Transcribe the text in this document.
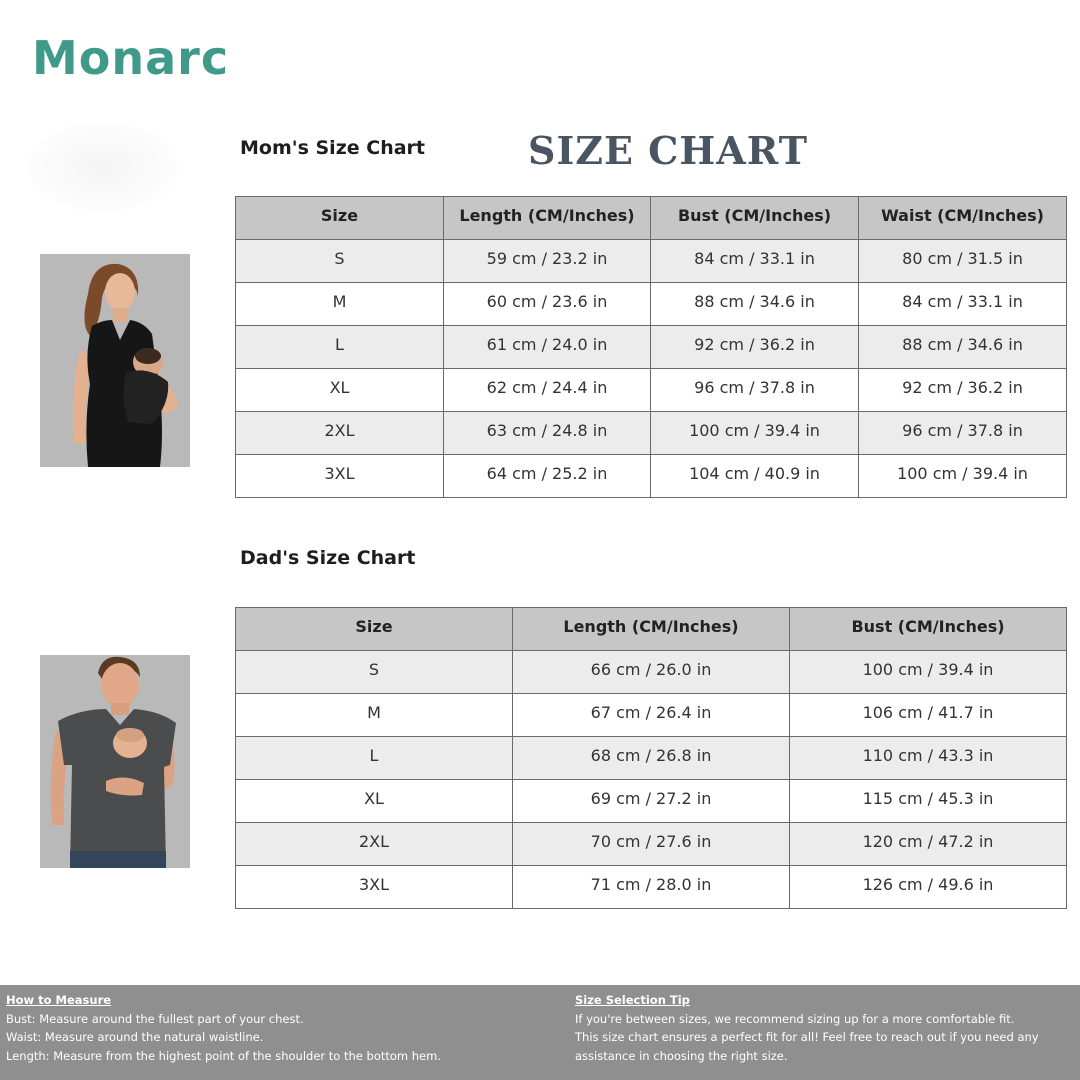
Monarc
Mom's Size Chart	SIZE CHART
Size	Length (CM/Inches)	Bust (CM/Inches)	Waist (CM/Inches)
S	59 cm / 23.2 in	84 cm / 33.1 in	80 cm / 31.5 in
M	60 cm / 23.6 in	88 cm / 34.6 in	84 cm / 33.1 in
L	61 cm / 24.0 in	92 cm / 36.2 in	88 cm / 34.6 in
XL	62 cm / 24.4 in	96 cm / 37.8 in	92 cm / 36.2 in
2XL	63 cm / 24.8 in	100 cm / 39.4 in	96 cm / 37.8 in
3XL	64 cm / 25.2 in	104 cm / 40.9 in	100 cm / 39.4 in
Dad's Size Chart
Size	Length (CM/Inches)	Bust (CM/Inches)
S	66 cm / 26.0 in	100 cm / 39.4 in
M	67 cm / 26.4 in	106 cm / 41.7 in
L	68 cm / 26.8 in	110 cm / 43.3 in
XL	69 cm / 27.2 in	115 cm / 45.3 in
2XL	70 cm / 27.6 in	120 cm / 47.2 in
3XL	71 cm / 28.0 in	126 cm / 49.6 in
How to Measure
Bust: Measure around the fullest part of your chest.
Waist: Measure around the natural waistline.
Length: Measure from the highest point of the shoulder to the bottom hem.
Size Selection Tip
If you're between sizes, we recommend sizing up for a more comfortable fit.
This size chart ensures a perfect fit for all! Feel free to reach out if you need any
assistance in choosing the right size.
